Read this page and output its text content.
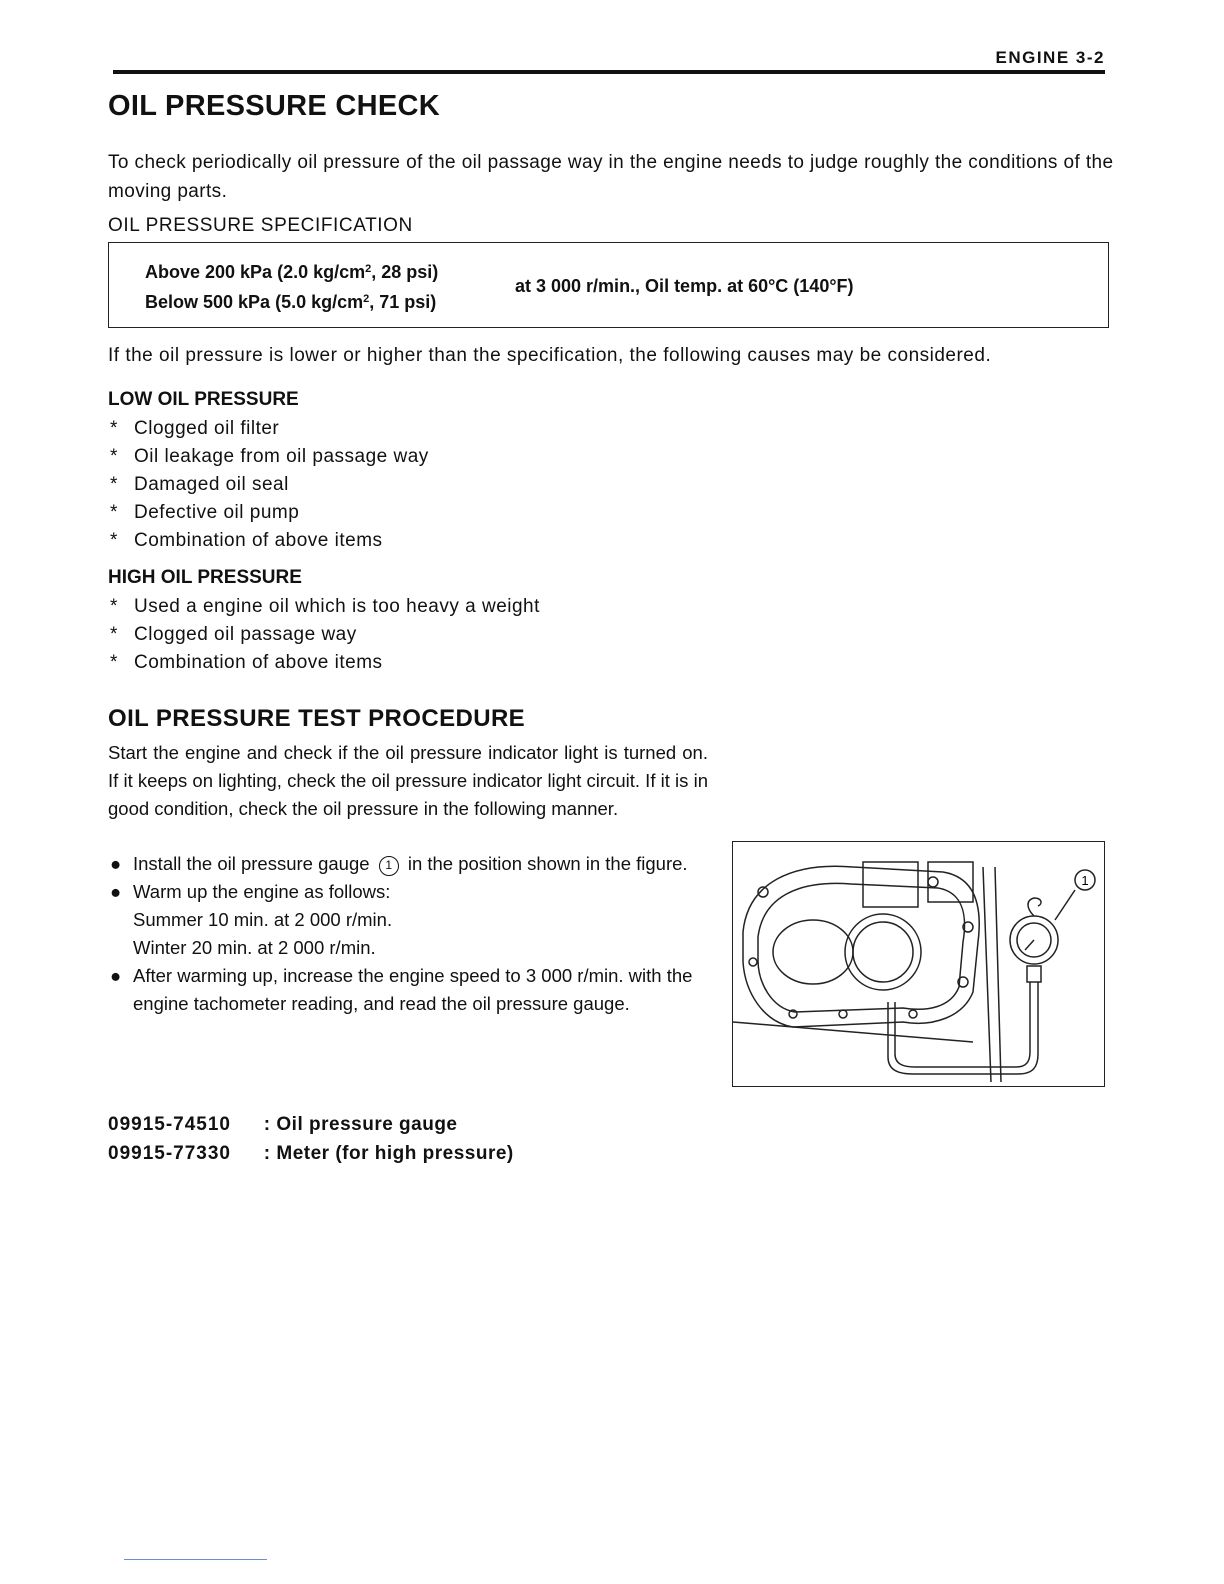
ENGINE 3-2
OIL PRESSURE CHECK
To check periodically oil pressure of the oil passage way in the engine needs to judge roughly the conditions of the moving parts.
OIL PRESSURE SPECIFICATION
Above 200 kPa (2.0 $kg/cm^2$, 28 psi)
Below 500 kPa (5.0 $kg/cm^2$, 71 psi)
at 3 000 r/min., Oil temp. at 60°C (140°F)
If the oil pressure is lower or higher than the specification, the following causes may be considered.
LOW OIL PRESSURE
* Clogged oil filter
* Oil leakage from oil passage way
* Damaged oil seal
* Defective oil pump
* Combination of above items
HIGH OIL PRESSURE
* Used a engine oil which is too heavy a weight
* Clogged oil passage way
* Combination of above items
OIL PRESSURE TEST PROCEDURE
Start the engine and check if the oil pressure indicator light is turned on. If it keeps on lighting, check the oil pressure indicator light circuit. If it is in good condition, check the oil pressure in the following manner.
● Install the oil pressure gauge 1 in the position shown in the figure.
● Warm up the engine as follows:
Summer 10 min. at 2 000 r/min.
Winter 20 min. at 2 000 r/min.
● After warming up, increase the engine speed to 3 000 r/min. with the engine tachometer reading, and read the oil pressure gauge.
1
09915-74510 : Oil pressure gauge
09915-77330 : Meter (for high pressure)
